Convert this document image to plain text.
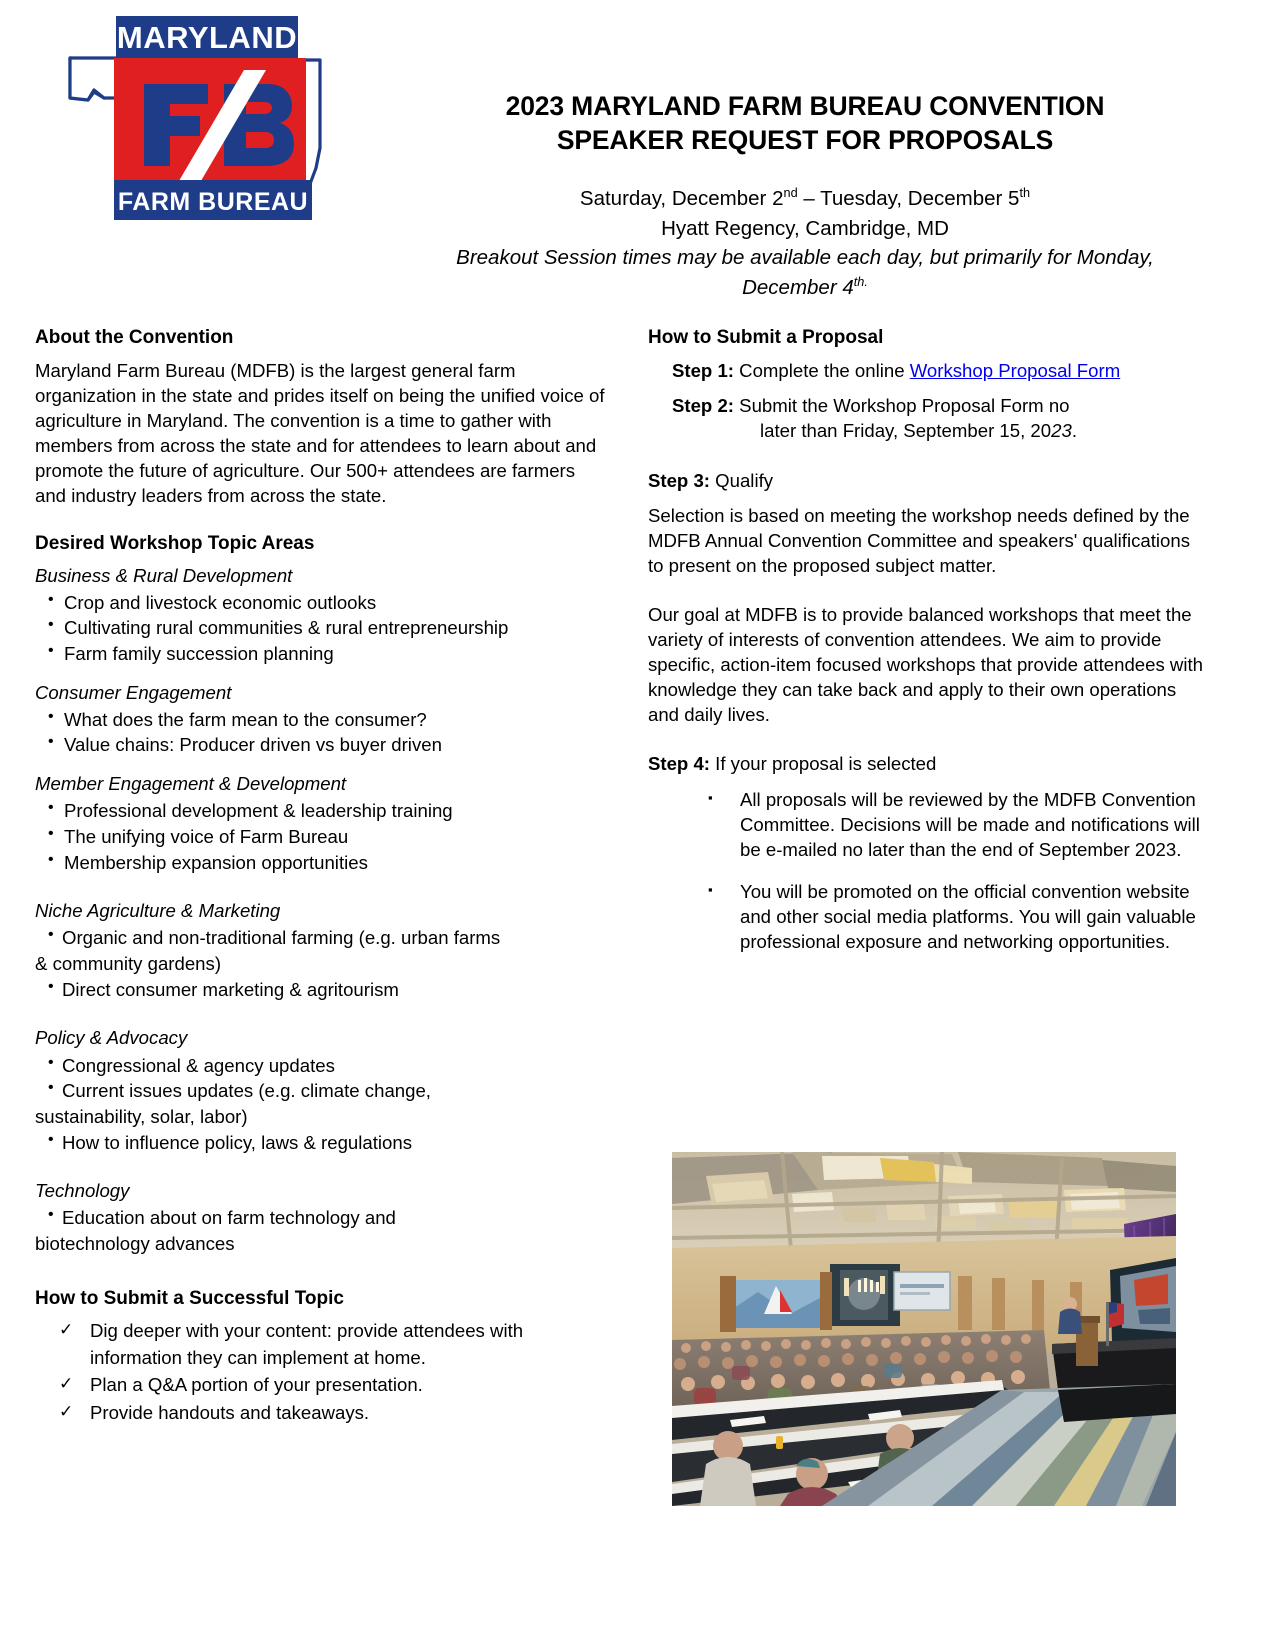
MARYLAND
FARM BUREAU
2023 MARYLAND FARM BUREAU CONVENTION
SPEAKER REQUEST FOR PROPOSALS
Saturday, December 2nd – Tuesday, December 5th
Hyatt Regency, Cambridge, MD
Breakout Session times may be available each day, but primarily for Monday,
December $4^{th.}$
About the Convention

Maryland Farm Bureau (MDFB) is the largest general farm organization in the state and prides itself on being the unified voice of agriculture in Maryland. The convention is a time to gather with members from across the state and for attendees to learn about and promote the future of agriculture. Our 500+ attendees are farmers and industry leaders from across the state.

Desired Workshop Topic Areas
Business & Rural Development
• Crop and livestock economic outlooks
• Cultivating rural communities & rural entrepreneurship
• Farm family succession planning
Consumer Engagement
• What does the farm mean to the consumer?
• Value chains: Producer driven vs buyer driven
Member Engagement & Development
• Professional development & leadership training
• The unifying voice of Farm Bureau
• Membership expansion opportunities
Niche Agriculture & Marketing
• Organic and non-traditional farming (e.g. urban farms
& community gardens)
• Direct consumer marketing & agritourism
Policy & Advocacy
• Congressional & agency updates
• Current issues updates (e.g. climate change,
sustainability, solar, labor)
• How to influence policy, laws & regulations
Technology
• Education about on farm technology and
biotechnology advances
How to Submit a Successful Topic
✓ Dig deeper with your content: provide attendees with information they can implement at home.
✓ Plan a Q&A portion of your presentation.
✓ Provide handouts and takeaways.
How to Submit a Proposal

Step 1: Complete the online Workshop Proposal Form

Step 2: Submit the Workshop Proposal Form no
later than Friday, September 15, 2023.

Step 3: Qualify

Selection is based on meeting the workshop needs defined by the MDFB Annual Convention Committee and speakers' qualifications to present on the proposed subject matter.

Our goal at MDFB is to provide balanced workshops that meet the variety of interests of convention attendees. We aim to provide specific, action-item focused workshops that provide attendees with knowledge they can take back and apply to their own operations and daily lives.

Step 4: If your proposal is selected

▪ All proposals will be reviewed by the MDFB Convention Committee. Decisions will be made and notifications will be e-mailed no later than the end of September 2023.
▪ You will be promoted on the official convention website and other social media platforms. You will gain valuable professional exposure and networking opportunities.
